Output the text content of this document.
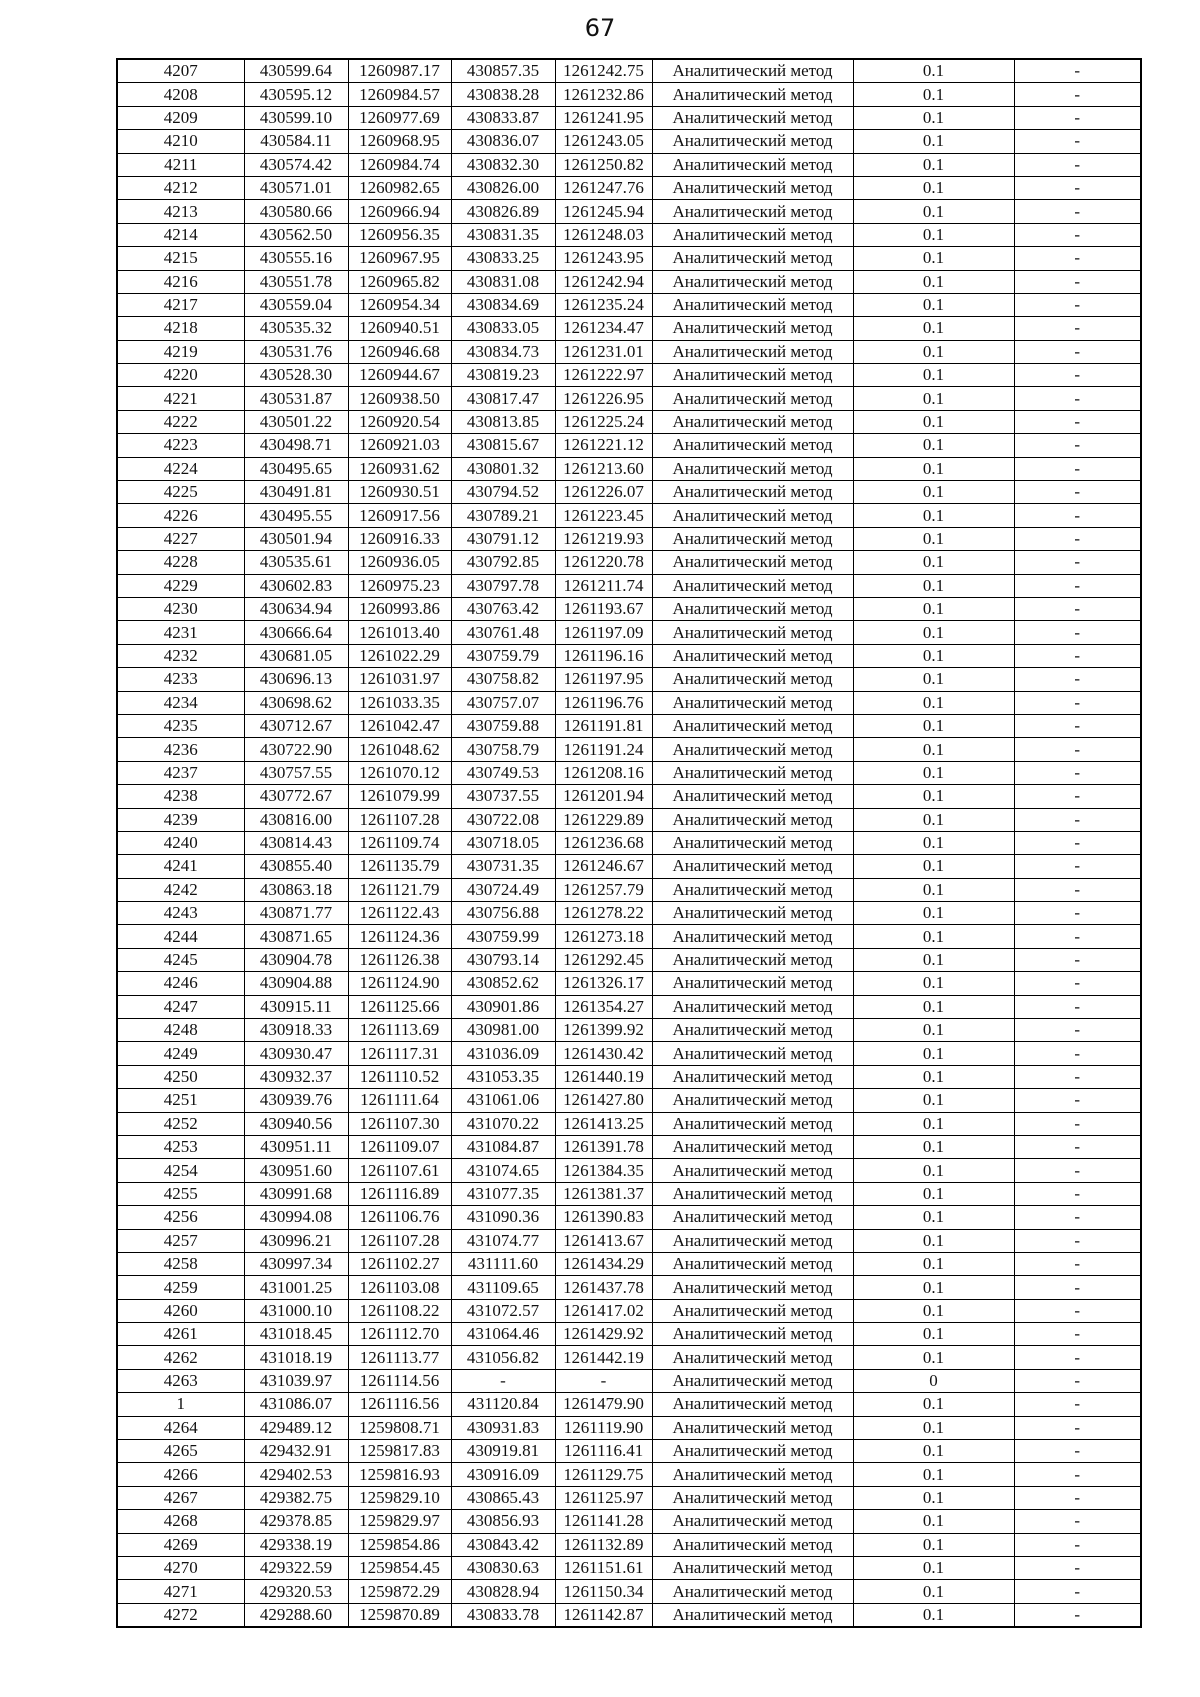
67
4207	430599.64	1260987.17	430857.35	1261242.75	Аналитический метод	0.1	-
4208	430595.12	1260984.57	430838.28	1261232.86	Аналитический метод	0.1	-
4209	430599.10	1260977.69	430833.87	1261241.95	Аналитический метод	0.1	-
4210	430584.11	1260968.95	430836.07	1261243.05	Аналитический метод	0.1	-
4211	430574.42	1260984.74	430832.30	1261250.82	Аналитический метод	0.1	-
4212	430571.01	1260982.65	430826.00	1261247.76	Аналитический метод	0.1	-
4213	430580.66	1260966.94	430826.89	1261245.94	Аналитический метод	0.1	-
4214	430562.50	1260956.35	430831.35	1261248.03	Аналитический метод	0.1	-
4215	430555.16	1260967.95	430833.25	1261243.95	Аналитический метод	0.1	-
4216	430551.78	1260965.82	430831.08	1261242.94	Аналитический метод	0.1	-
4217	430559.04	1260954.34	430834.69	1261235.24	Аналитический метод	0.1	-
4218	430535.32	1260940.51	430833.05	1261234.47	Аналитический метод	0.1	-
4219	430531.76	1260946.68	430834.73	1261231.01	Аналитический метод	0.1	-
4220	430528.30	1260944.67	430819.23	1261222.97	Аналитический метод	0.1	-
4221	430531.87	1260938.50	430817.47	1261226.95	Аналитический метод	0.1	-
4222	430501.22	1260920.54	430813.85	1261225.24	Аналитический метод	0.1	-
4223	430498.71	1260921.03	430815.67	1261221.12	Аналитический метод	0.1	-
4224	430495.65	1260931.62	430801.32	1261213.60	Аналитический метод	0.1	-
4225	430491.81	1260930.51	430794.52	1261226.07	Аналитический метод	0.1	-
4226	430495.55	1260917.56	430789.21	1261223.45	Аналитический метод	0.1	-
4227	430501.94	1260916.33	430791.12	1261219.93	Аналитический метод	0.1	-
4228	430535.61	1260936.05	430792.85	1261220.78	Аналитический метод	0.1	-
4229	430602.83	1260975.23	430797.78	1261211.74	Аналитический метод	0.1	-
4230	430634.94	1260993.86	430763.42	1261193.67	Аналитический метод	0.1	-
4231	430666.64	1261013.40	430761.48	1261197.09	Аналитический метод	0.1	-
4232	430681.05	1261022.29	430759.79	1261196.16	Аналитический метод	0.1	-
4233	430696.13	1261031.97	430758.82	1261197.95	Аналитический метод	0.1	-
4234	430698.62	1261033.35	430757.07	1261196.76	Аналитический метод	0.1	-
4235	430712.67	1261042.47	430759.88	1261191.81	Аналитический метод	0.1	-
4236	430722.90	1261048.62	430758.79	1261191.24	Аналитический метод	0.1	-
4237	430757.55	1261070.12	430749.53	1261208.16	Аналитический метод	0.1	-
4238	430772.67	1261079.99	430737.55	1261201.94	Аналитический метод	0.1	-
4239	430816.00	1261107.28	430722.08	1261229.89	Аналитический метод	0.1	-
4240	430814.43	1261109.74	430718.05	1261236.68	Аналитический метод	0.1	-
4241	430855.40	1261135.79	430731.35	1261246.67	Аналитический метод	0.1	-
4242	430863.18	1261121.79	430724.49	1261257.79	Аналитический метод	0.1	-
4243	430871.77	1261122.43	430756.88	1261278.22	Аналитический метод	0.1	-
4244	430871.65	1261124.36	430759.99	1261273.18	Аналитический метод	0.1	-
4245	430904.78	1261126.38	430793.14	1261292.45	Аналитический метод	0.1	-
4246	430904.88	1261124.90	430852.62	1261326.17	Аналитический метод	0.1	-
4247	430915.11	1261125.66	430901.86	1261354.27	Аналитический метод	0.1	-
4248	430918.33	1261113.69	430981.00	1261399.92	Аналитический метод	0.1	-
4249	430930.47	1261117.31	431036.09	1261430.42	Аналитический метод	0.1	-
4250	430932.37	1261110.52	431053.35	1261440.19	Аналитический метод	0.1	-
4251	430939.76	1261111.64	431061.06	1261427.80	Аналитический метод	0.1	-
4252	430940.56	1261107.30	431070.22	1261413.25	Аналитический метод	0.1	-
4253	430951.11	1261109.07	431084.87	1261391.78	Аналитический метод	0.1	-
4254	430951.60	1261107.61	431074.65	1261384.35	Аналитический метод	0.1	-
4255	430991.68	1261116.89	431077.35	1261381.37	Аналитический метод	0.1	-
4256	430994.08	1261106.76	431090.36	1261390.83	Аналитический метод	0.1	-
4257	430996.21	1261107.28	431074.77	1261413.67	Аналитический метод	0.1	-
4258	430997.34	1261102.27	431111.60	1261434.29	Аналитический метод	0.1	-
4259	431001.25	1261103.08	431109.65	1261437.78	Аналитический метод	0.1	-
4260	431000.10	1261108.22	431072.57	1261417.02	Аналитический метод	0.1	-
4261	431018.45	1261112.70	431064.46	1261429.92	Аналитический метод	0.1	-
4262	431018.19	1261113.77	431056.82	1261442.19	Аналитический метод	0.1	-
4263	431039.97	1261114.56	-	-	Аналитический метод	0	-
1	431086.07	1261116.56	431120.84	1261479.90	Аналитический метод	0.1	-
4264	429489.12	1259808.71	430931.83	1261119.90	Аналитический метод	0.1	-
4265	429432.91	1259817.83	430919.81	1261116.41	Аналитический метод	0.1	-
4266	429402.53	1259816.93	430916.09	1261129.75	Аналитический метод	0.1	-
4267	429382.75	1259829.10	430865.43	1261125.97	Аналитический метод	0.1	-
4268	429378.85	1259829.97	430856.93	1261141.28	Аналитический метод	0.1	-
4269	429338.19	1259854.86	430843.42	1261132.89	Аналитический метод	0.1	-
4270	429322.59	1259854.45	430830.63	1261151.61	Аналитический метод	0.1	-
4271	429320.53	1259872.29	430828.94	1261150.34	Аналитический метод	0.1	-
4272	429288.60	1259870.89	430833.78	1261142.87	Аналитический метод	0.1	-
